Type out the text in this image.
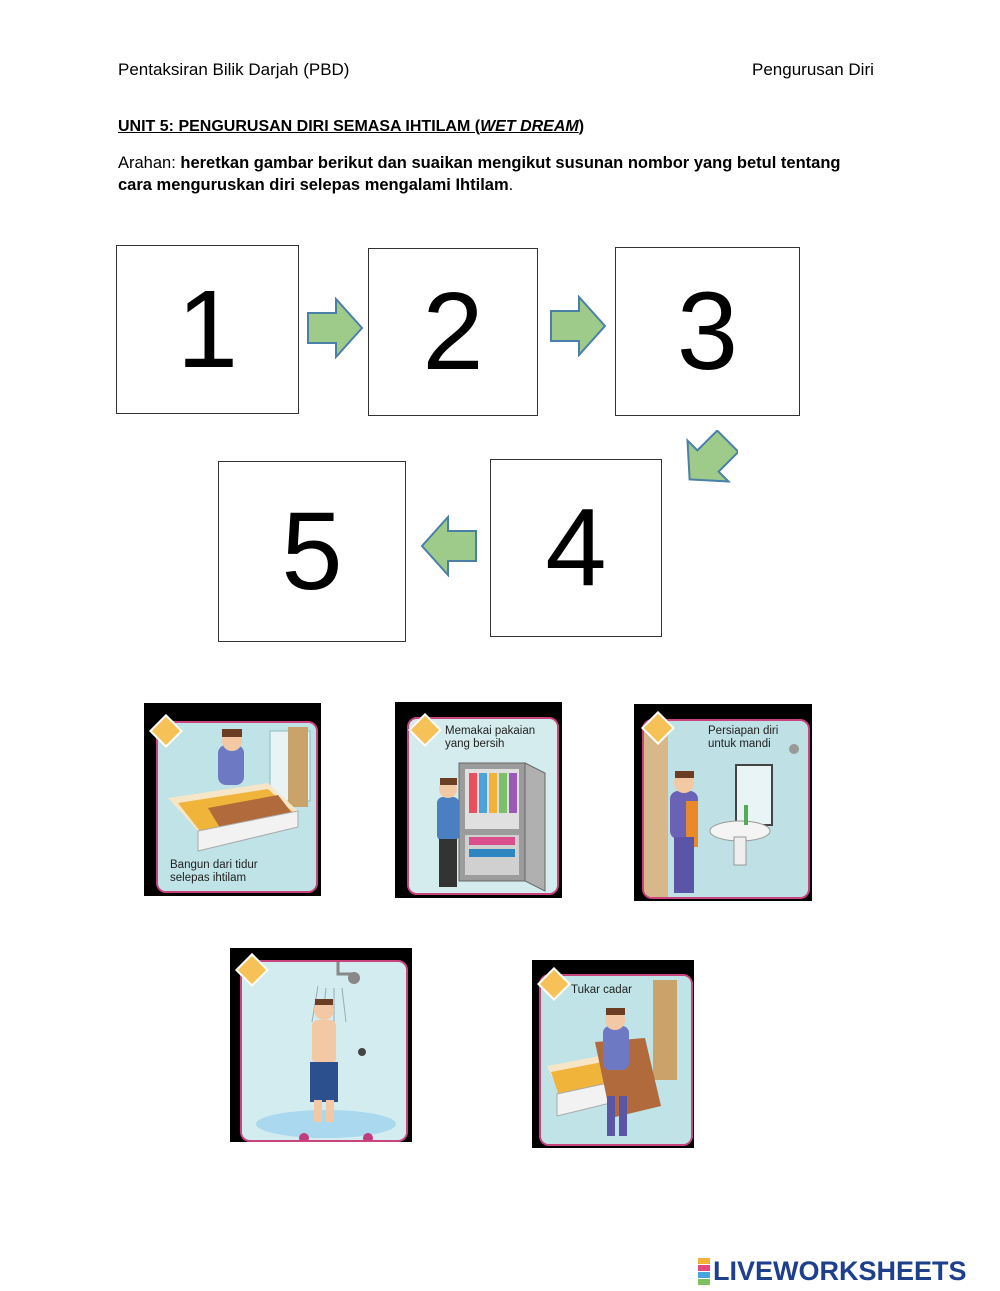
Pentaksiran Bilik Darjah (PBD)	Pengurusan Diri
UNIT 5: PENGURUSAN DIRI SEMASA IHTILAM (WET DREAM)
Arahan: heretkan gambar berikut dan suaikan mengikut susunan nombor yang betul tentang cara menguruskan diri selepas mengalami Ihtilam.
1	2	3
4
5
Bangun dari tidur selepas ihtilam
Memakai pakaian yang bersih
Persiapan diri untuk mandi
Tukar cadar
LIVEWORKSHEETS
